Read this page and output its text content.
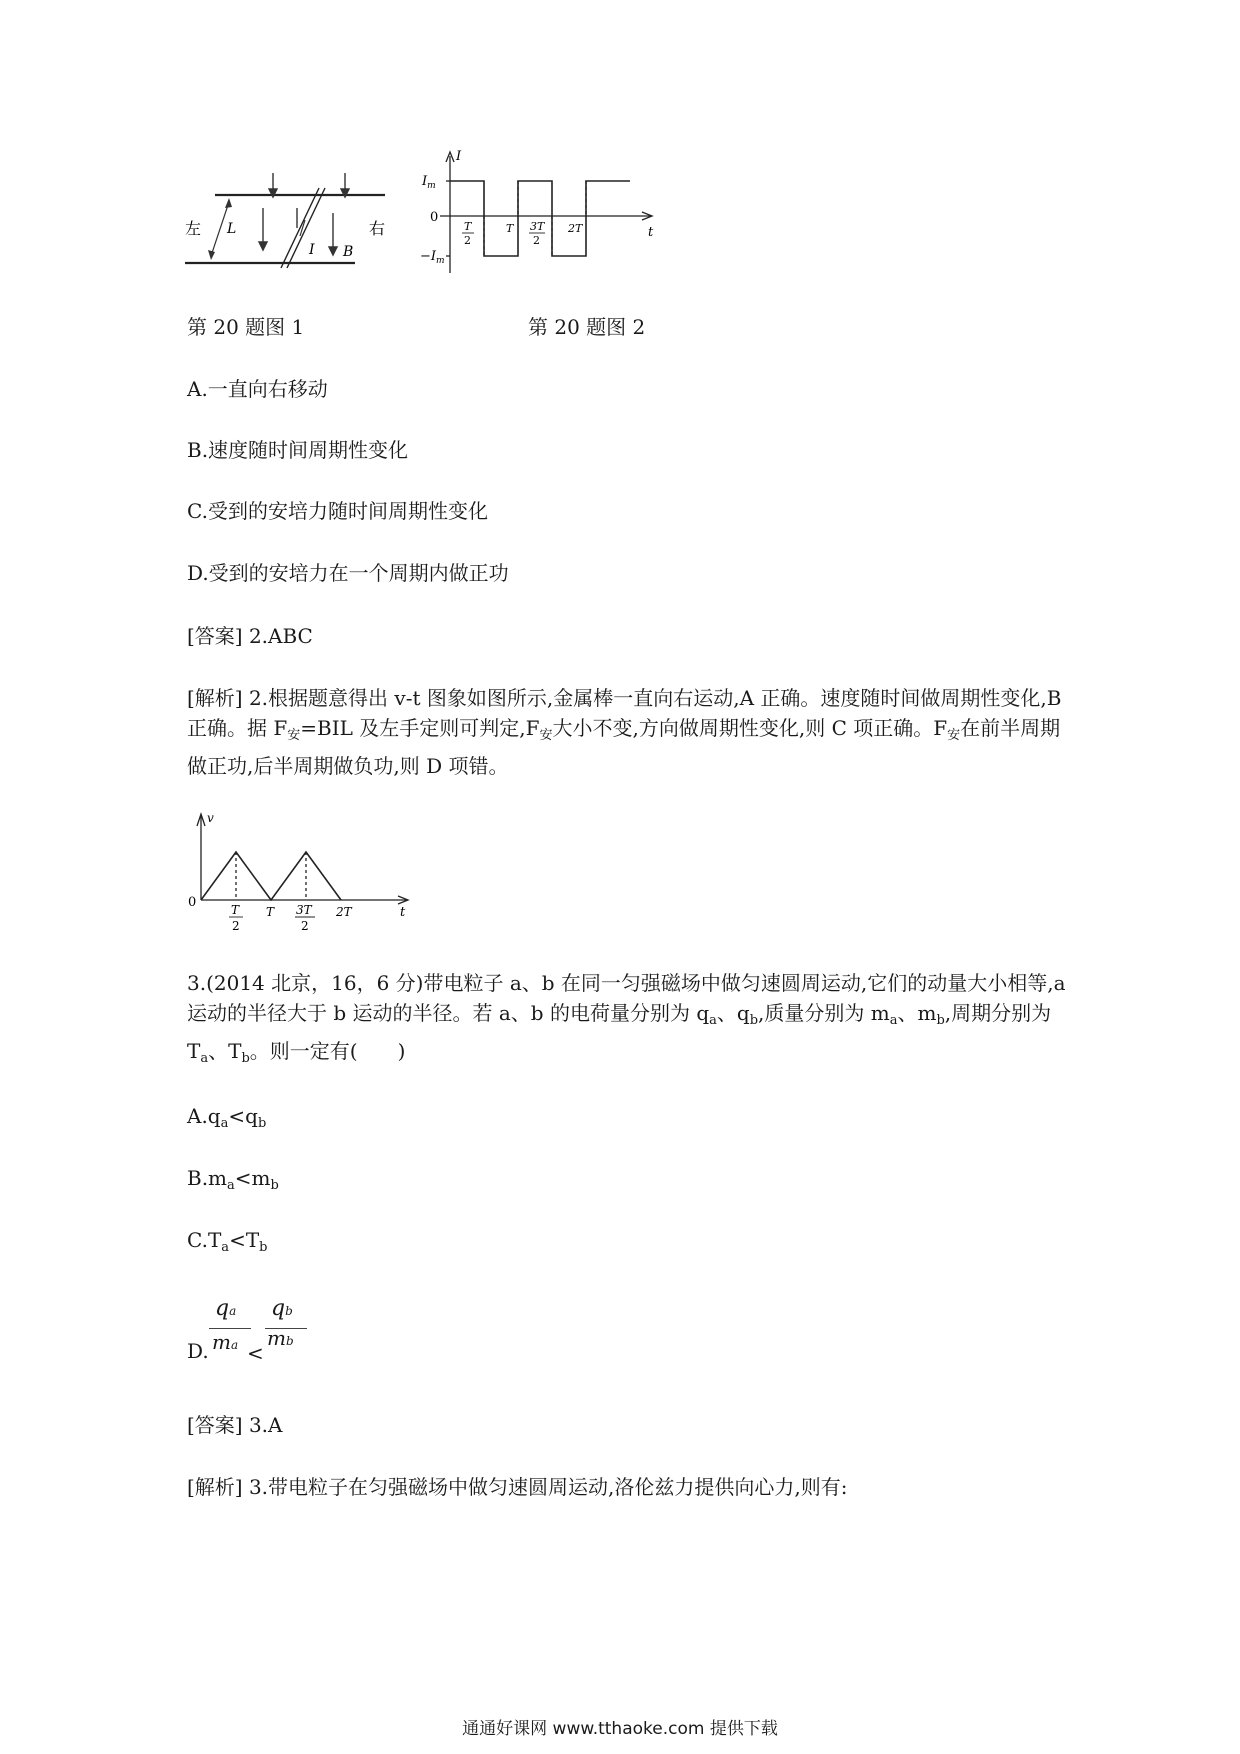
左 L
I B
右
I
$I_m$
0
$-I_m$
t
T
2
T 3T
2
2T
第 20 题图 1	第 20 题图 2
A.一直向右移动
B.速度随时间周期性变化
C.受到的安培力随时间周期性变化
D.受到的安培力在一个周期内做正功
[答案] 2.ABC
[解析] 2.根据题意得出 v-t 图象如图所示,金属棒一直向右运动,A 正确。速度随时间做周期性变化,B 正确。据 $F_安=BIL$ 及左手定则可判定$,F_安$大小不变,方向做周期性变化,则 C 项正确。$F_安$在前半周期做正功,后半周期做负功,则 D 项错。
v
0
t
T
2
T 3T
2
2T
3.(2014 北京，16，6 分)带电粒子 a、b 在同一匀强磁场中做匀速圆周运动,它们的动量大小相等,a 运动的半径大于 b 运动的半径。若 a、b 的电荷量分别为 $q_a$、$q_b$,质量分别为 $m_a$、$m_b$,周期分别为 $T_a$、$T_b$。则一定有(　　)
$A.q_a<q_b$
$B.m_a<m_b$
$C.T_a<T_b$
D.
qa
ma <
qb
mb
[答案] 3.A
[解析] 3.带电粒子在匀强磁场中做匀速圆周运动,洛伦兹力提供向心力,则有:
通通好课网 www.tthaoke.com 提供下载
